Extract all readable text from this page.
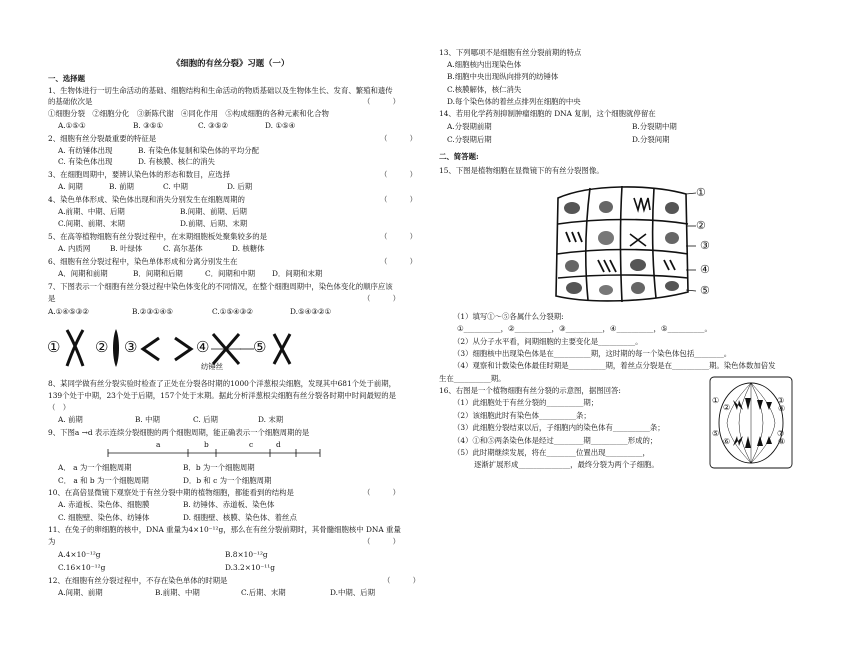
《细胞的有丝分裂》习题（一）
一、选择题
1、生物体进行一切生命活动的基础、细胞结构和生命活动的物质基础以及生物体生长、发育、繁殖和遗传
的基础依次是	（　　　）
①细胞分裂　②细胞分化　③新陈代谢　④同化作用　⑤构成细胞的各种元素和化合物
A.①⑤①	B. ③⑤①	C. ③⑤②	D. ①⑤④
2、细胞有丝分裂最重要的特征是	（　　　）
A. 有纺锤体出现	B. 有染色体复制和染色体的平均分配
C. 有染色体出现	D. 有核膜、核仁的消失
3、在细胞周期中，要辨认染色体的形态和数目，应选择	（　　　）
A. 间期	B. 前期	C. 中期	D. 后期
4、染色单体形成、染色体出现和消失分别发生在细胞周期的	（　　　）
A.前期、中期、后期	B.间期、前期、后期
C.间期、前期、末期	D.前期、后期、末期
5、在高等植物细胞有丝分裂过程中，在末期细胞板处聚集较多的是	（　　　）
A. 内质网	B. 叶绿体	C. 高尔基体	D. 核糖体
6、细胞有丝分裂过程中，染色单体形成和分离分别发生在	（　　　）
A．间期和前期	B．间期和后期	C．间期和中期 D．间期和末期
7、下图表示一个细胞有丝分裂过程中染色体变化的不同情况，在整个细胞周期中，染色体变化的顺序应该
是	（　　　）
A.①④⑤③②	B.②③①④⑤	C.①⑤④③②	D.⑤④③②①
① ② ③	④
纺锤丝
⑤
8、某同学做有丝分裂实验时检查了正处在分裂各时期的1000个洋葱根尖细胞，发现其中681个处于前期，
139个处于中期，23个处于后期，157个处于末期。据此分析洋葱根尖细胞有丝分裂各时期中时间最短的是
（　）
A. 前期	B. 中期	C. 后期	D. 末期
9、下图a →d 表示连续分裂细胞的两个细胞周期，能正确表示一个细胞周期的是
a	b	c	d
A． a 为一个细胞周期	B．b 为一个细胞周期
C． a 和 b 为一个细胞周期	D．b 和 c 为一个细胞周期
10、在高倍显微镜下观察处于有丝分裂中期的植物细胞，都能看到的结构是	（　　　）
A. 赤道板、染色体、细胞膜	B. 纺锤体、赤道板、染色体
C. 细胞壁、染色体、纺锤体	D. 细胞壁、核膜、染色体、着丝点
11、在兔子的卵细胞的核中，DNA 重量为4×10⁻¹²g，那么在有丝分裂前期时，其骨髓细胞核中 DNA 重量
为	（　　　）
A.4×10⁻¹²g	B.8×10⁻¹²g
C.16×10⁻¹²g	D.3.2×10⁻¹¹g
12、在细胞有丝分裂过程中，不存在染色单体的时期是	（　　　）
A.间期、前期	B.前期、中期	C.后期、末期	D.中期、后期
13、下列哪项不是细胞有丝分裂前期的特点
A.细胞核内出现染色体
B.细胞中央出现纵向排列的纺锤体
C.核膜解体，核仁消失
D.每个染色体的着丝点排列在细胞的中央
14、若用化学药剂抑制肿瘤细胞的 DNA 复制，这个细胞就停留在
A.分裂期前期	B.分裂期中期
C.分裂期后期	D.分裂间期
二、简答题:
15、下图是植物细胞在显微镜下的有丝分裂图像。
①
②
③
④
⑤
（1）填写①～⑤各属什么分裂期:
①__________，②__________，③__________，④__________，⑤__________。
（2）从分子水平看，间期细胞的主要变化是__________。
（3）细胞核中出现染色体是在__________期，这时期的每一个染色体包括________。
（4）观察和计数染色体最佳时期是__________期，着丝点分裂是在__________期。染色体数加倍发
生在__________期。
16、右图是一个植物细胞有丝分裂的示意图，据图回答:
（1）此细胞处于有丝分裂的__________期；
（2）该细胞此时有染色体__________条；
（3）此细胞分裂结束以后，子细胞内的染色体有__________条；
（4）①和⑤两条染色体是经过________期__________形成的；
（5）此时期继续发展，将在________位置出现__________，
逐渐扩展形成______________，最终分裂为两个子细胞。
①
②
③
④
⑤
⑥
⑦
⑧
